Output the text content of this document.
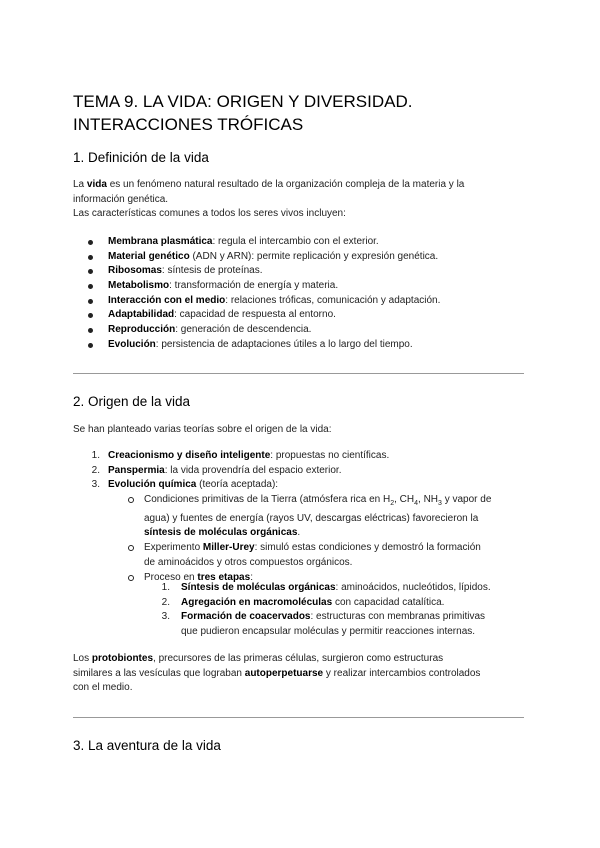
TEMA 9. LA VIDA: ORIGEN Y DIVERSIDAD.
INTERACCIONES TRÓFICAS
1. Definición de la vida

La vida es un fenómeno natural resultado de la organización compleja de la materia y la
información genética.
Las características comunes a todos los seres vivos incluyen:

Membrana plasmática: regula el intercambio con el exterior.
Material genético (ADN y ARN): permite replicación y expresión genética.
Ribosomas: síntesis de proteínas.
Metabolismo: transformación de energía y materia.
Interacción con el medio: relaciones tróficas, comunicación y adaptación.
Adaptabilidad: capacidad de respuesta al entorno.
Reproducción: generación de descendencia.
Evolución: persistencia de adaptaciones útiles a lo largo del tiempo.
2. Origen de la vida

Se han planteado varias teorías sobre el origen de la vida:

1. Creacionismo y diseño inteligente: propuestas no científicas.
2. Panspermia: la vida provendría del espacio exterior.
3. Evolución química (teoría aceptada):
Condiciones primitivas de la Tierra (atmósfera rica en $H_2$, $CH_4$, $NH_3$ y vapor de
agua) y fuentes de energía (rayos UV, descargas eléctricas) favorecieron la
síntesis de moléculas orgánicas.
Experimento Miller-Urey: simuló estas condiciones y demostró la formación
de aminoácidos y otros compuestos orgánicos.
Proceso en tres etapas:
1. Síntesis de moléculas orgánicas: aminoácidos, nucleótidos, lípidos.
2. Agregación en macromoléculas con capacidad catalítica.
3. Formación de coacervados: estructuras con membranas primitivas
que pudieron encapsular moléculas y permitir reacciones internas.

Los protobiontes, precursores de las primeras células, surgieron como estructuras
similares a las vesículas que lograban autoperpetuarse y realizar intercambios controlados
con el medio.

3. La aventura de la vida
